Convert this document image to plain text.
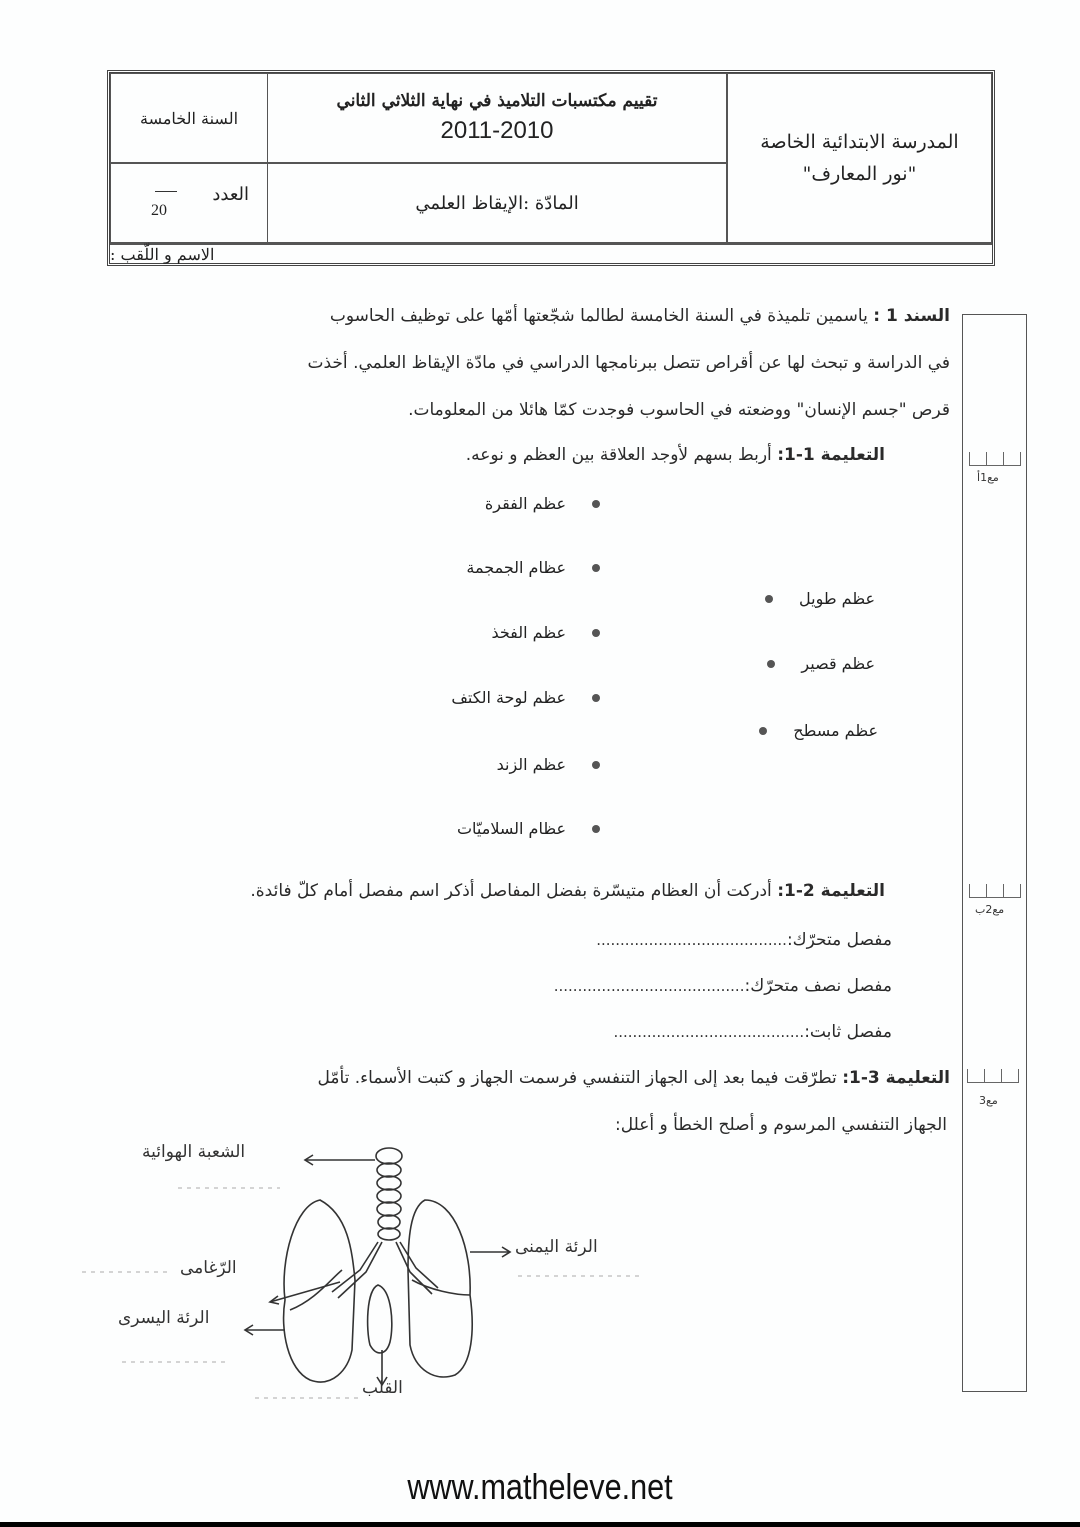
المدرسة الابتدائية الخاصة
"نور المعارف"
تقييم مكتسبات التلاميذ في نهاية الثلاثي الثاني
2011-2010
المادّة :الإيقاظ العلمي
السنة الخامسة
العدد
20
الاسم و اللّقب :
السند 1 : ياسمين تلميذة في السنة الخامسة لطالما شجّعتها أمّها على توظيف الحاسوب
في الدراسة و تبحث لها عن أقراص تتصل ببرنامجها الدراسي في مادّة الإيقاظ العلمي. أخذت
قرص "جسم الإنسان" ووضعته في الحاسوب فوجدت كمّا هائلا من المعلومات.
التعليمة 1-1: أربط بسهم لأوجد العلاقة بين العظم و نوعه.
عظم الفقرة
عظام الجمجمة
عظم الفخذ
عظم لوحة الكتف
عظم الزند
عظام السلاميّات
عظم طويل
عظم قصير
عظم مسطح
التعليمة 2-1: أدركت أن العظام متيسّرة بفضل المفاصل أذكر اسم مفصل أمام كلّ فائدة.
مفصل متحرّك:........................................
مفصل نصف متحرّك:........................................
مفصل ثابت:........................................
التعليمة 3-1: تطرّقت فيما بعد إلى الجهاز التنفسي فرسمت الجهاز و كتبت الأسماء. تأمّل
الجهاز التنفسي المرسوم و أصلح الخطأ و أعلل:
مع1أ
مع2ب
مع3
الشعبة الهوائية
الرّغامى
الرئة اليسرى
الرئة اليمنى
القلب
www.matheleve.net
